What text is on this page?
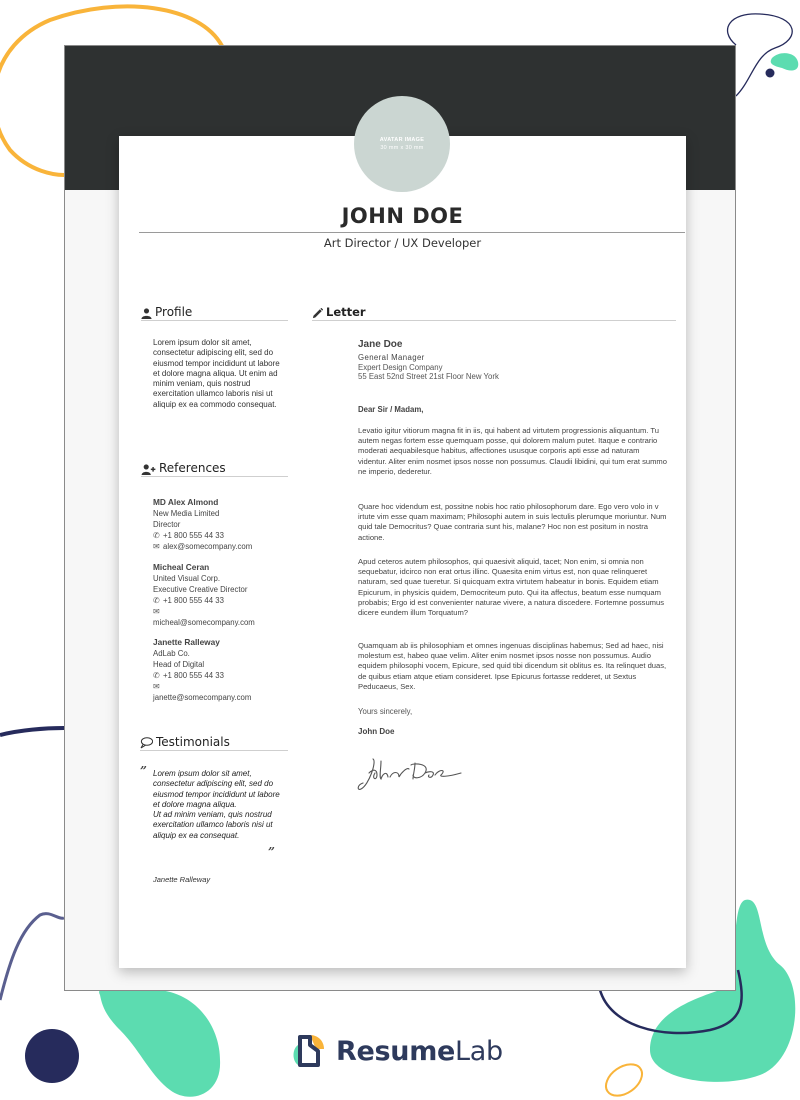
AVATAR IMAGE
30 mm x 30 mm
JOHN DOE
Art Director / UX Developer
Profile
Lorem ipsum dolor sit amet, consectetur adipiscing elit, sed do eiusmod tempor incididunt ut labore et dolore magna aliqua. Ut enim ad minim veniam, quis nostrud exercitation ullamco laboris nisi ut aliquip ex ea commodo consequat.
References
MD Alex Almond
New Media Limited
Director
✆ +1 800 555 44 33
✉ alex@somecompany.com
Micheal Ceran
United Visual Corp.
Executive Creative Director
✆ +1 800 555 44 33
✉
micheal@somecompany.com
Janette Ralleway
AdLab Co.
Head of Digital
✆ +1 800 555 44 33
✉
janette@somecompany.com
Testimonials
” Lorem ipsum dolor sit amet, consectetur adipiscing elit, sed do eiusmod tempor incididunt ut labore et dolore magna aliqua.
Ut ad minim veniam, quis nostrud exercitation ullamco laboris nisi ut aliquip ex ea consequat.
”
Janette Ralleway
Letter
Jane Doe
General Manager
Expert Design Company
55 East 52nd Street 21st Floor New York
Dear Sir / Madam,
Levatio igitur vitiorum magna fit in iis, qui habent ad virtutem progressionis aliquantum. Tu autem negas fortem esse quemquam posse, qui dolorem malum putet. Itaque e contrario moderati aequabilesque habitus, affectiones ususque corporis apti esse ad naturam videntur. Aliter enim nosmet ipsos nosse non possumus. Claudii libidini, qui tum erat summo ne imperio, dederetur.
Quare hoc videndum est, possitne nobis hoc ratio philosophorum dare. Ego vero volo in v irtute vim esse quam maximam; Philosophi autem in suis lectulis plerumque moriuntur. Num quid tale Democritus? Quae contraria sunt his, malane? Hoc non est positum in nostra actione.
Apud ceteros autem philosophos, qui quaesivit aliquid, tacet; Non enim, si omnia non sequebatur, idcirco non erat ortus illinc. Quaesita enim virtus est, non quae relinqueret naturam, sed quae tueretur. Si quicquam extra virtutem habeatur in bonis. Equidem etiam Epicurum, in physicis quidem, Democriteum puto. Qui ita affectus, beatum esse numquam probabis; Ergo id est convenienter naturae vivere, a natura discedere. Fortemne possumus dicere eundem illum Torquatum?
Quamquam ab iis philosophiam et omnes ingenuas disciplinas habemus; Sed ad haec, nisi molestum est, habeo quae velim. Aliter enim nosmet ipsos nosse non possumus. Audio equidem philosophi vocem, Epicure, sed quid tibi dicendum sit oblitus es. Ita relinquet duas, de quibus etiam atque etiam consideret. Ipse Epicurus fortasse redderet, ut Sextus Peducaeus, Sex.
Yours sincerely,
John Doe
ResumeLab
